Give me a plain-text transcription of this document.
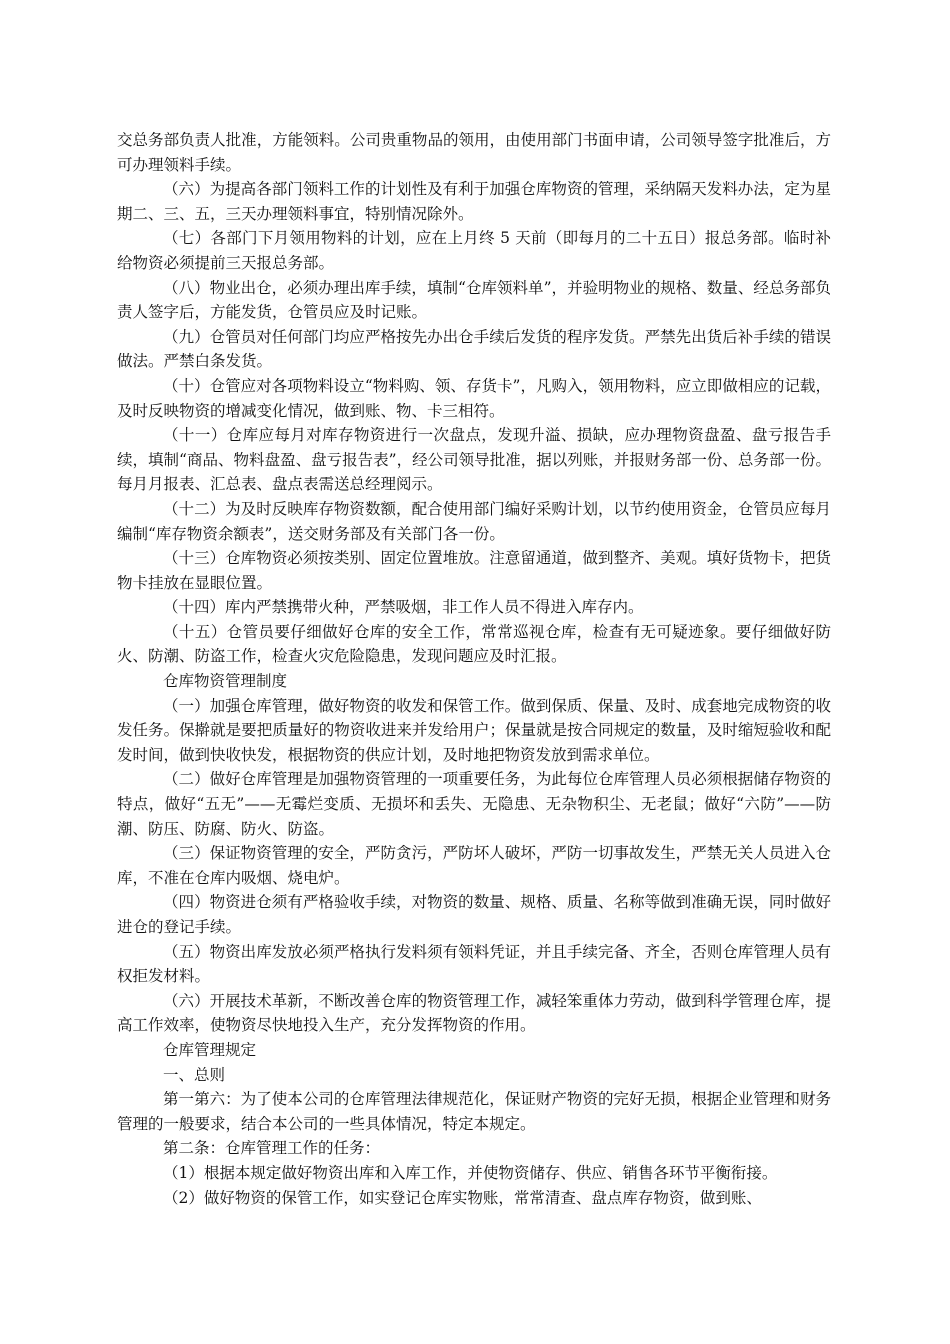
交总务部负责人批准，方能领料。公司贵重物品的领用，由使用部门书面申请，公司领导签字批准后，方可办理领料手续。

（六）为提高各部门领料工作的计划性及有利于加强仓库物资的管理，采纳隔天发料办法，定为星期二、三、五，三天办理领料事宜，特别情况除外。

（七）各部门下月领用物料的计划，应在上月终 5 天前（即每月的二十五日）报总务部。临时补给物资必须提前三天报总务部。

（八）物业出仓，必须办理出库手续，填制“仓库领料单”，并验明物业的规格、数量、经总务部负责人签字后，方能发货，仓管员应及时记账。

（九）仓管员对任何部门均应严格按先办出仓手续后发货的程序发货。严禁先出货后补手续的错误做法。严禁白条发货。

（十）仓管应对各项物料设立“物料购、领、存货卡”，凡购入，领用物料，应立即做相应的记载，及时反映物资的增减变化情况，做到账、物、卡三相符。

（十一）仓库应每月对库存物资进行一次盘点，发现升溢、损缺，应办理物资盘盈、盘亏报告手续，填制“商品、物料盘盈、盘亏报告表”，经公司领导批准，据以列账，并报财务部一份、总务部一份。每月月报表、汇总表、盘点表需送总经理阅示。

（十二）为及时反映库存物资数额，配合使用部门编好采购计划，以节约使用资金，仓管员应每月编制“库存物资余额表”，送交财务部及有关部门各一份。

（十三）仓库物资必须按类别、固定位置堆放。注意留通道，做到整齐、美观。填好货物卡，把货物卡挂放在显眼位置。

（十四）库内严禁携带火种，严禁吸烟，非工作人员不得进入库存内。

（十五）仓管员要仔细做好仓库的安全工作，常常巡视仓库，检查有无可疑迹象。要仔细做好防火、防潮、防盗工作，检查火灾危险隐患，发现问题应及时汇报。

仓库物资管理制度

（一）加强仓库管理，做好物资的收发和保管工作。做到保质、保量、及时、成套地完成物资的收发任务。保擀就是要把质量好的物资收进来并发给用户；保量就是按合同规定的数量，及时缩短验收和配发时间，做到快收快发，根据物资的供应计划，及时地把物资发放到需求单位。

（二）做好仓库管理是加强物资管理的一项重要任务，为此每位仓库管理人员必须根据储存物资的特点，做好“五无”——无霉烂变质、无损坏和丢失、无隐患、无杂物积尘、无老鼠；做好“六防”——防潮、防压、防腐、防火、防盗。

（三）保证物资管理的安全，严防贪污，严防坏人破坏，严防一切事故发生，严禁无关人员进入仓库，不准在仓库内吸烟、烧电炉。

（四）物资进仓须有严格验收手续，对物资的数量、规格、质量、名称等做到准确无误，同时做好进仓的登记手续。

（五）物资出库发放必须严格执行发料须有领料凭证，并且手续完备、齐全，否则仓库管理人员有权拒发材料。

（六）开展技术革新，不断改善仓库的物资管理工作，减轻笨重体力劳动，做到科学管理仓库，提高工作效率，使物资尽快地投入生产，充分发挥物资的作用。

仓库管理规定

一、总则

第一第六：为了使本公司的仓库管理法律规范化，保证财产物资的完好无损，根据企业管理和财务管理的一般要求，结合本公司的一些具体情况，特定本规定。

第二条：仓库管理工作的任务：

（1）根据本规定做好物资出库和入库工作，并使物资储存、供应、销售各环节平衡衔接。

（2）做好物资的保管工作，如实登记仓库实物账，常常清查、盘点库存物资，做到账、
